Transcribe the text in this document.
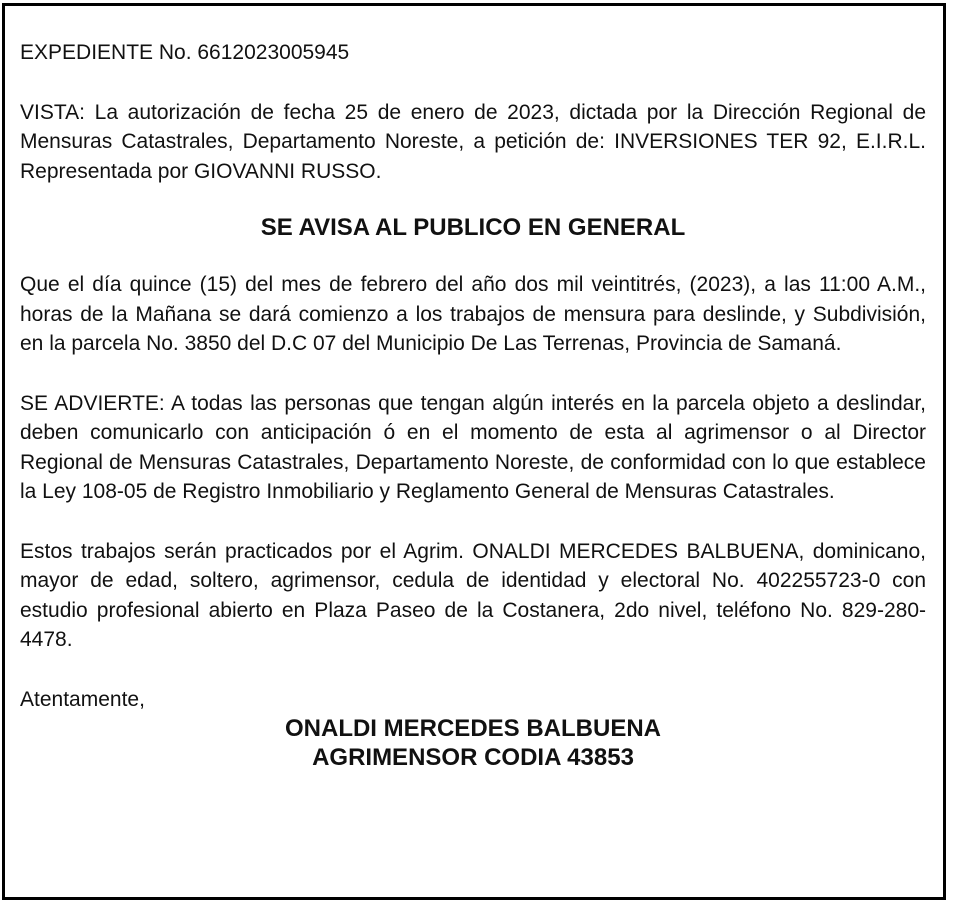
EXPEDIENTE No. 6612023005945

VISTA: La autorización de fecha 25 de enero de 2023, dictada por la Dirección Regional de Mensuras Catastrales, Departamento Noreste, a petición de: INVERSIONES TER 92, E.I.R.L. Representada por GIOVANNI RUSSO.

SE AVISA AL PUBLICO EN GENERAL

Que el día quince (15) del mes de febrero del año dos mil veintitrés, (2023), a las 11:00 A.M., horas de la Mañana se dará comienzo a los trabajos de mensura para deslinde, y Subdivisión, en la parcela No. 3850 del D.C 07 del Municipio De Las Terrenas, Provincia de Samaná.

SE ADVIERTE: A todas las personas que tengan algún interés en la parcela objeto a deslindar, deben comunicarlo con anticipación ó en el momento de esta al agrimensor o al Director Regional de Mensuras Catastrales, Departamento Noreste, de conformidad con lo que establece la Ley 108-05 de Registro Inmobiliario y Reglamento General de Mensuras Catastrales.

Estos trabajos serán practicados por el Agrim. ONALDI MERCEDES BALBUENA, dominicano, mayor de edad, soltero, agrimensor, cedula de identidad y electoral No. 402255723-0 con estudio profesional abierto en Plaza Paseo de la Costanera, 2do nivel, teléfono No. 829-280-4478.

Atentamente,
ONALDI MERCEDES BALBUENA
AGRIMENSOR CODIA 43853
